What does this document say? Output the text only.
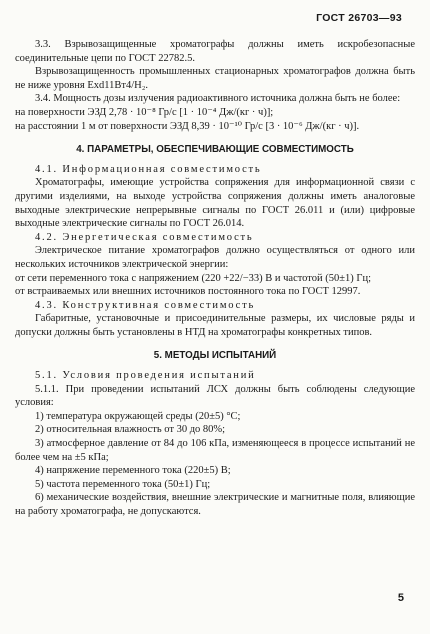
ГОСТ 26703—93

3.3. Взрывозащищенные хроматографы должны иметь искробезопасные соединительные цепи по ГОСТ 22782.5.

Взрывозащищенность промышленных стационарных хроматографов должна быть не ниже уровня Exd11Bт4/H₂.

3.4. Мощность дозы излучения радиоактивного источника должна быть не более:

на поверхности ЭЗД 2,78 · 10⁻⁸ Гр/с [1 · 10⁻⁴ Дж/(кг · ч)];

на расстоянии 1 м от поверхности ЭЗД 8,39 · 10⁻¹⁰ Гр/с [3 · 10⁻⁶ Дж/(кг · ч)].

4. ПАРАМЕТРЫ, ОБЕСПЕЧИВАЮЩИЕ СОВМЕСТИМОСТЬ

4.1. Информационная совместимость

Хроматографы, имеющие устройства сопряжения для информационной связи с другими изделиями, на выходе устройства сопряжения должны иметь аналоговые выходные электрические непрерывные сигналы по ГОСТ 26.011 и (или) цифровые выходные электрические сигналы по ГОСТ 26.014.

4.2. Энергетическая совместимость

Электрическое питание хроматографов должно осуществляться от одного или нескольких источников электрической энергии:

от сети переменного тока с напряжением (220 +22/−33) В и частотой (50±1) Гц;

от встраиваемых или внешних источников постоянного тока по ГОСТ 12997.

4.3. Конструктивная совместимость

Габаритные, установочные и присоединительные размеры, их числовые ряды и допуски должны быть установлены в НТД на хроматографы конкретных типов.

5. МЕТОДЫ ИСПЫТАНИЙ

5.1. Условия проведения испытаний

5.1.1. При проведении испытаний ЛСХ должны быть соблюдены следующие условия:

1) температура окружающей среды (20±5) °С;

2) относительная влажность от 30 до 80%;

3) атмосферное давление от 84 до 106 кПа, изменяющееся в процессе испытаний не более чем на ±5 кПа;

4) напряжение переменного тока (220±5) В;

5) частота переменного тока (50±1) Гц;

6) механические воздействия, внешние электрические и магнитные поля, влияющие на работу хроматографа, не допускаются.

5
